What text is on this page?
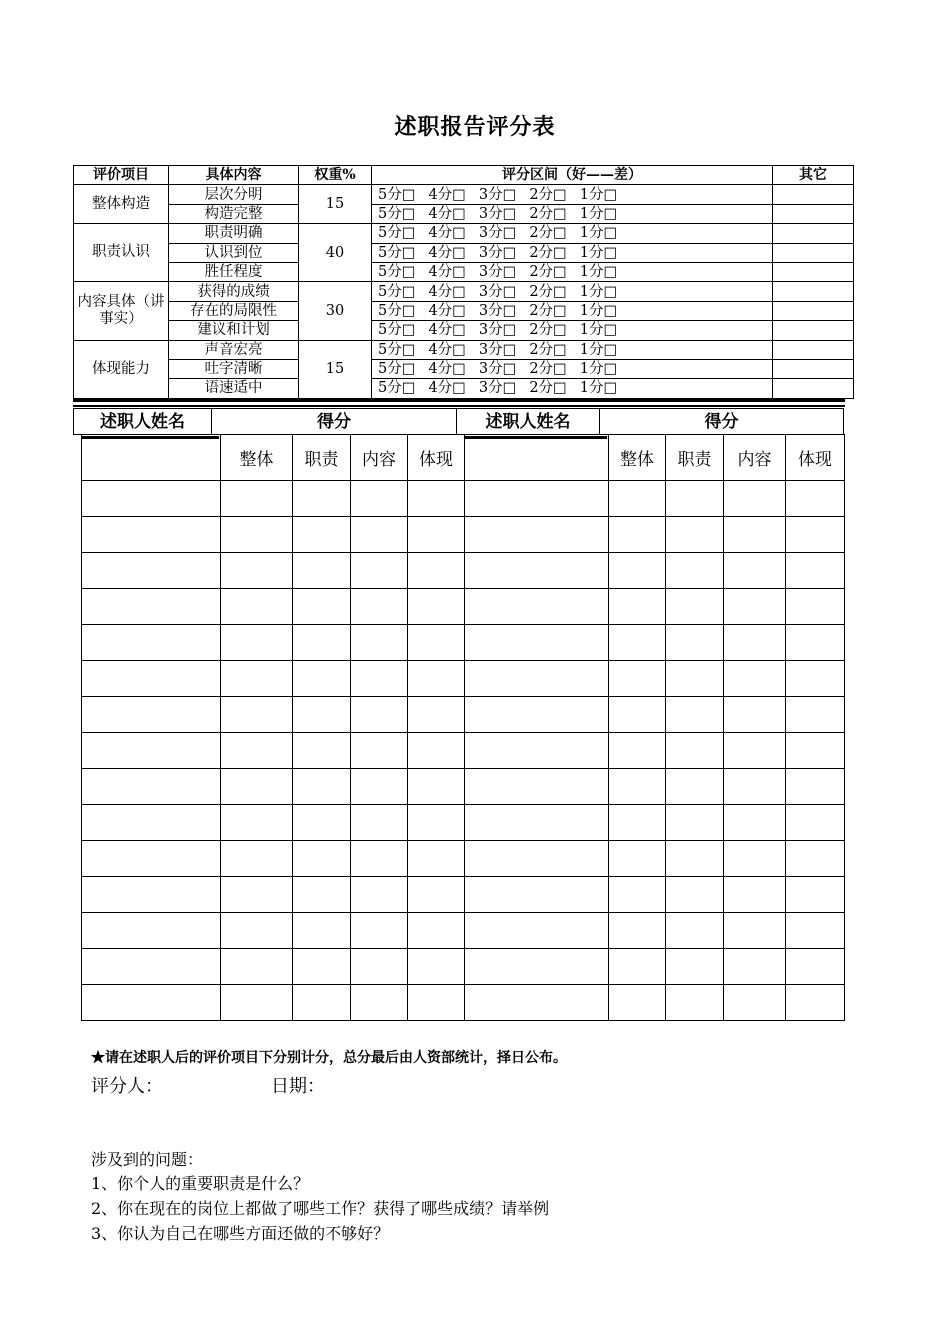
述职报告评分表
评价项目	具体内容	权重%	评分区间（好——差）	其它
整体构造	层次分明	15	5分□ 4分□ 3分□ 2分□ 1分□	
	构造完整		5分□ 4分□ 3分□ 2分□ 1分□	
职责认识	职责明确	40	5分□ 4分□ 3分□ 2分□ 1分□	
	认识到位		5分□ 4分□ 3分□ 2分□ 1分□	
	胜任程度		5分□ 4分□ 3分□ 2分□ 1分□	
内容具体（讲事实）	获得的成绩	30	5分□ 4分□ 3分□ 2分□ 1分□	
	存在的局限性		5分□ 4分□ 3分□ 2分□ 1分□	
	建议和计划		5分□ 4分□ 3分□ 2分□ 1分□	
体现能力	声音宏亮	15	5分□ 4分□ 3分□ 2分□ 1分□	
	吐字清晰		5分□ 4分□ 3分□ 2分□ 1分□	
	语速适中		5分□ 4分□ 3分□ 2分□ 1分□	
述职人姓名	得分	述职人姓名	得分
	整体	职责	内容	体现		整体	职责	内容	体现

★请在述职人后的评价项目下分别计分，总分最后由人资部统计，择日公布。
评分人：	日期：
涉及到的问题：
1、你个人的重要职责是什么？
2、你在现在的岗位上都做了哪些工作？获得了哪些成绩？请举例
3、你认为自己在哪些方面还做的不够好？
